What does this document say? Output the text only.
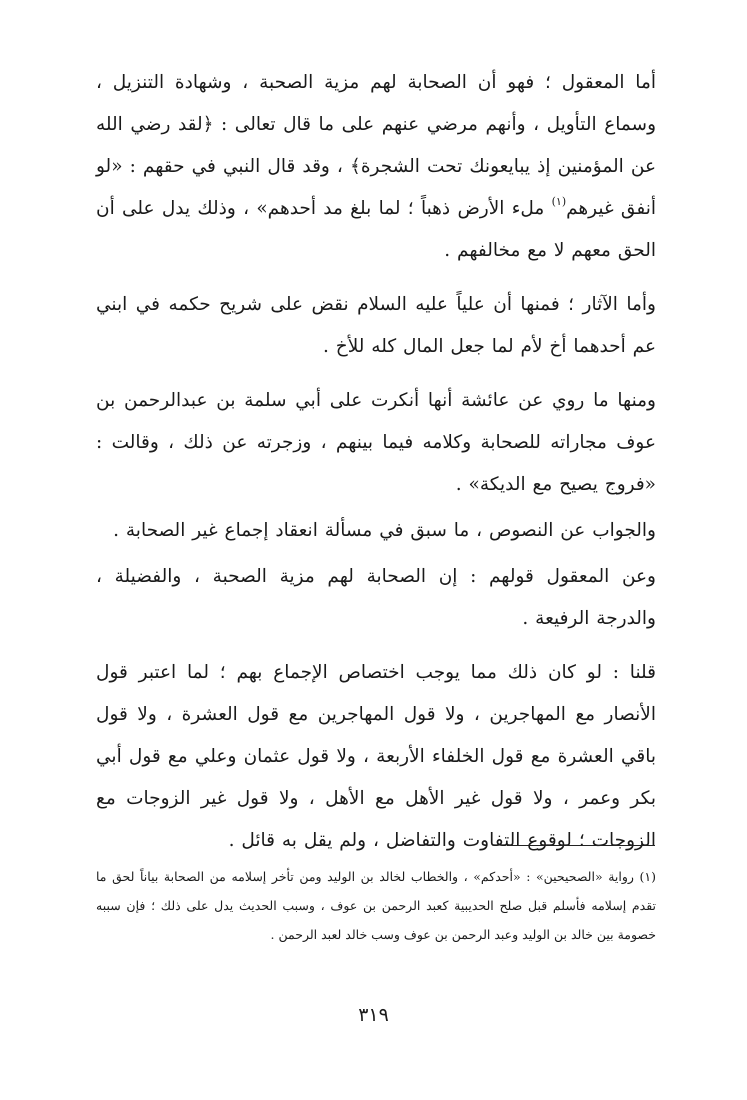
أما المعقول ؛ فهو أن الصحابة لهم مزية الصحبة ، وشهادة التنزيل ، وسماع التأويل ، وأنهم مرضي عنهم على ما قال تعالى : ﴿لقد رضي الله عن المؤمنين إذ يبايعونك تحت الشجرة﴾ ، وقد قال النبي في حقهم : «لو أنفق غيرهم$^{(١)}$ ملء الأرض ذهباً ؛ لما بلغ مد أحدهم» ، وذلك يدل على أن الحق معهم لا مع مخالفهم .

وأما الآثار ؛ فمنها أن علياً عليه السلام نقض على شريح حكمه في ابني عم أحدهما أخ لأم لما جعل المال كله للأخ .

ومنها ما روي عن عائشة أنها أنكرت على أبي سلمة بن عبدالرحمن بن عوف مجاراته للصحابة وكلامه فيما بينهم ، وزجرته عن ذلك ، وقالت : «فروج يصيح مع الديكة» .

والجواب عن النصوص ، ما سبق في مسألة انعقاد إجماع غير الصحابة .

وعن المعقول قولهم : إن الصحابة لهم مزية الصحبة ، والفضيلة ، والدرجة الرفيعة .

قلنا : لو كان ذلك مما يوجب اختصاص الإجماع بهم ؛ لما اعتبر قول الأنصار مع المهاجرين ، ولا قول المهاجرين مع قول العشرة ، ولا قول باقي العشرة مع قول الخلفاء الأربعة ، ولا قول عثمان وعلي مع قول أبي بكر وعمر ، ولا قول غير الأهل مع الأهل ، ولا قول غير الزوجات مع الزوجات ؛ لوقوع التفاوت والتفاضل ، ولم يقل به قائل .

(١) رواية «الصحيحين» : «أحدكم» ، والخطاب لخالد بن الوليد ومن تأخر إسلامه من الصحابة بياناً لحق ما تقدم إسلامه فأسلم قبل صلح الحديبية كعبد الرحمن بن عوف ، وسبب الحديث يدل على ذلك ؛ فإن سببه خصومة بين خالد بن الوليد وعبد الرحمن بن عوف وسب خالد لعبد الرحمن .

٣١٩
